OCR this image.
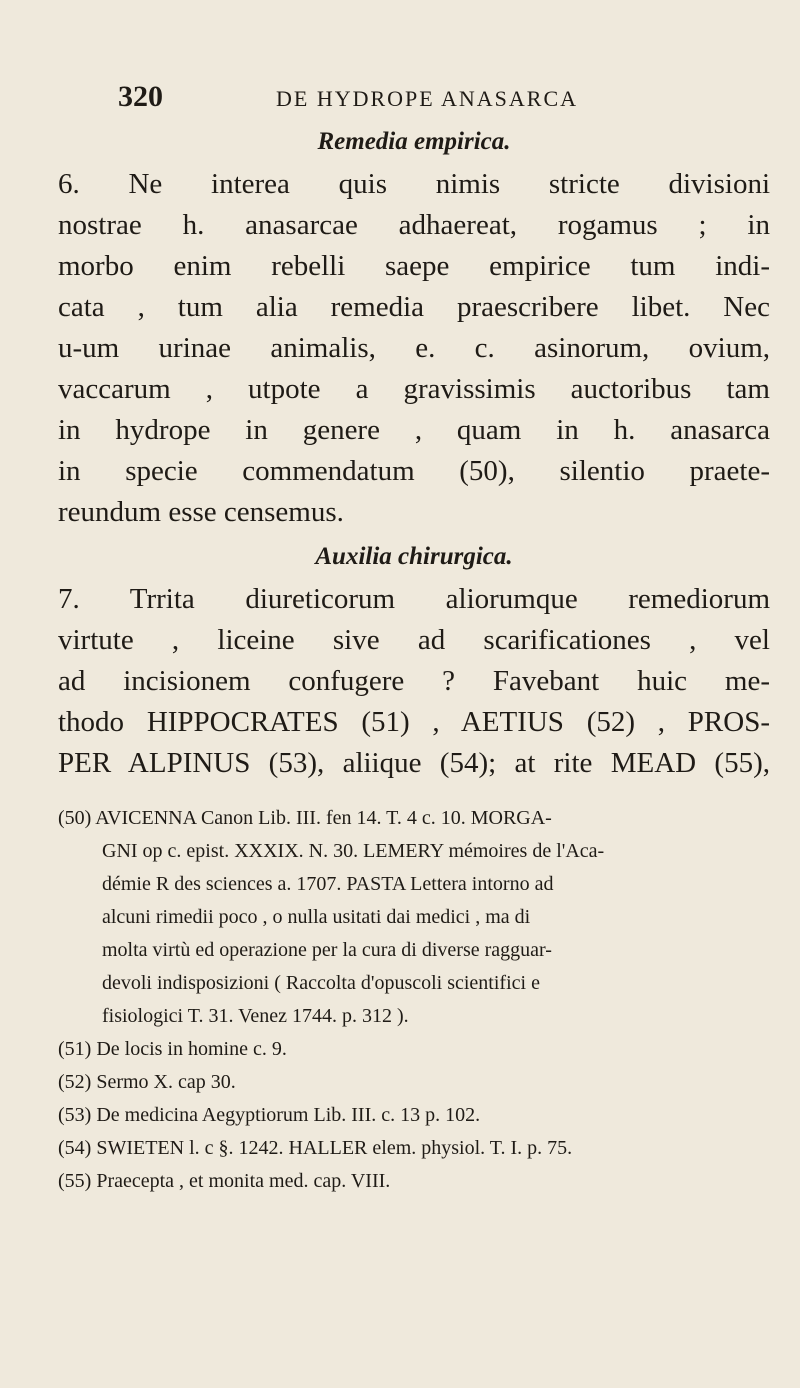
320	DE HYDROPE ANASARCA
Remedia empirica.
6. Ne interea quis nimis stricte divisioni
nostrae h. anasarcae adhaereat, rogamus ; in
morbo enim rebelli saepe empirice tum indi-
cata , tum alia remedia praescribere libet. Nec
u-um urinae animalis, e. c. asinorum, ovium,
vaccarum , utpote a gravissimis auctoribus tam
in hydrope in genere , quam in h. anasarca
in specie commendatum (50), silentio praete-
reundum esse censemus.
Auxilia chirurgica.
7. Trrita diureticorum aliorumque remediorum
virtute , liceine sive ad scarificationes , vel
ad incisionem confugere ? Favebant huic me-
thodo HIPPOCRATES (51) , AETIUS (52) , PROS-
PER ALPINUS (53), aliique (54); at rite MEAD (55),
(50) AVICENNA Canon Lib. III. fen 14. T. 4 c. 10. MORGA-
GNI op c. epist. XXXIX. N. 30. LEMERY mémoires de l'Aca-
démie R des sciences a. 1707. PASTA Lettera intorno ad
alcuni rimedii poco , o nulla usitati dai medici , ma di
molta virtù ed operazione per la cura di diverse ragguar-
devoli indisposizioni ( Raccolta d'opuscoli scientifici e
fisiologici T. 31. Venez 1744. p. 312 ).
(51) De locis in homine c. 9.
(52) Sermo X. cap 30.
(53) De medicina Aegyptiorum Lib. III. c. 13 p. 102.
(54) SWIETEN l. c §. 1242. HALLER elem. physiol. T. I. p. 75.
(55) Praecepta , et monita med. cap. VIII.
